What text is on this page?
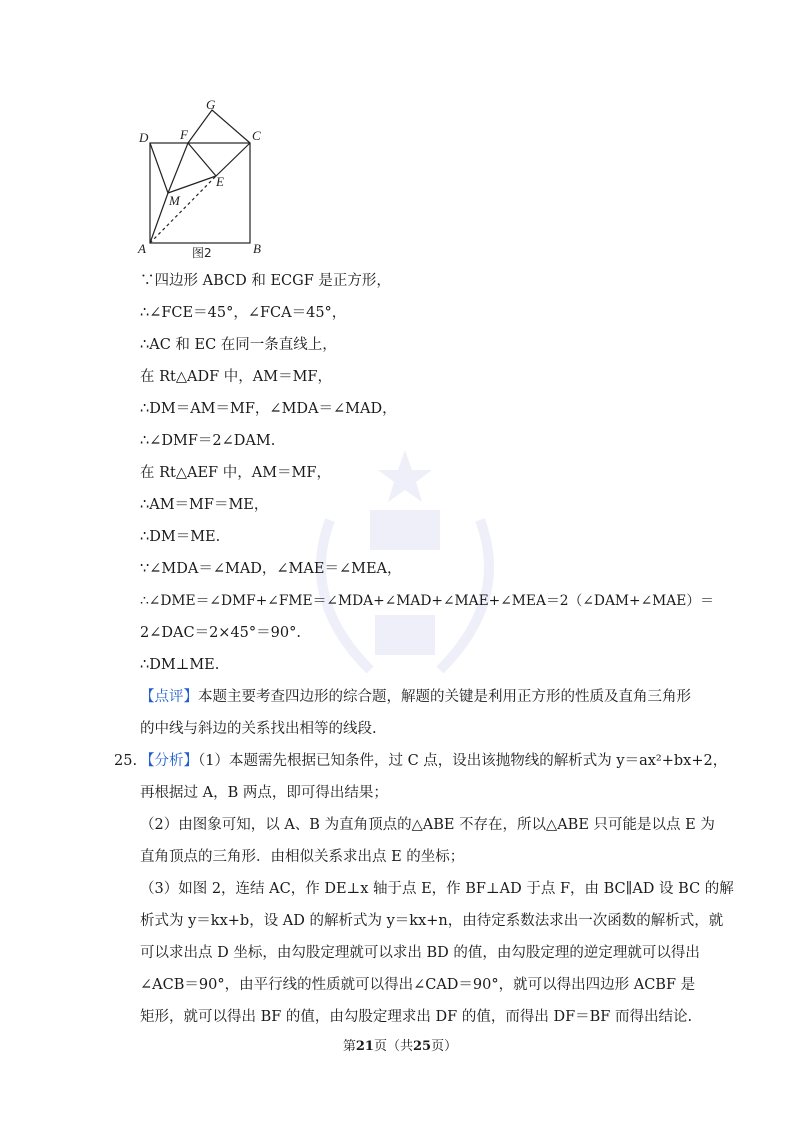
G
F	C
D
E
M
A	B
图2
∵四边形 ABCD 和 ECGF 是正方形，
∴∠FCE＝45°，∠FCA＝45°，
∴AC 和 EC 在同一条直线上，
在 Rt△ADF 中，AM＝MF，
∴DM＝AM＝MF，∠MDA＝∠MAD，
∴∠DMF＝2∠DAM.
在 Rt△AEF 中，AM＝MF，
∴AM＝MF＝ME，
∴DM＝ME.
∵∠MDA＝∠MAD，∠MAE＝∠MEA，
∴∠DME＝∠DMF+∠FME＝∠MDA+∠MAD+∠MAE+∠MEA＝2（∠DAM+∠MAE）＝
2∠DAC＝2×45°＝90°.
∴DM⊥ME.
【点评】本题主要考查四边形的综合题，解题的关键是利用正方形的性质及直角三角形
的中线与斜边的关系找出相等的线段.
25. 【分析】（1）本题需先根据已知条件，过 C 点，设出该抛物线的解析式为 y＝ax²+bx+2，
再根据过 A，B 两点，即可得出结果；
（2）由图象可知，以 A、B 为直角顶点的△ABE 不存在，所以△ABE 只可能是以点 E 为
直角顶点的三角形．由相似关系求出点 E 的坐标；
（3）如图 2，连结 AC，作 DE⊥x 轴于点 E，作 BF⊥AD 于点 F，由 BC∥AD 设 BC 的解
析式为 y＝kx+b，设 AD 的解析式为 y＝kx+n，由待定系数法求出一次函数的解析式，就
可以求出点 D 坐标，由勾股定理就可以求出 BD 的值，由勾股定理的逆定理就可以得出
∠ACB＝90°，由平行线的性质就可以得出∠CAD＝90°，就可以得出四边形 ACBF 是
矩形，就可以得出 BF 的值，由勾股定理求出 DF 的值，而得出 DF＝BF 而得出结论.
第21页（共25页）
